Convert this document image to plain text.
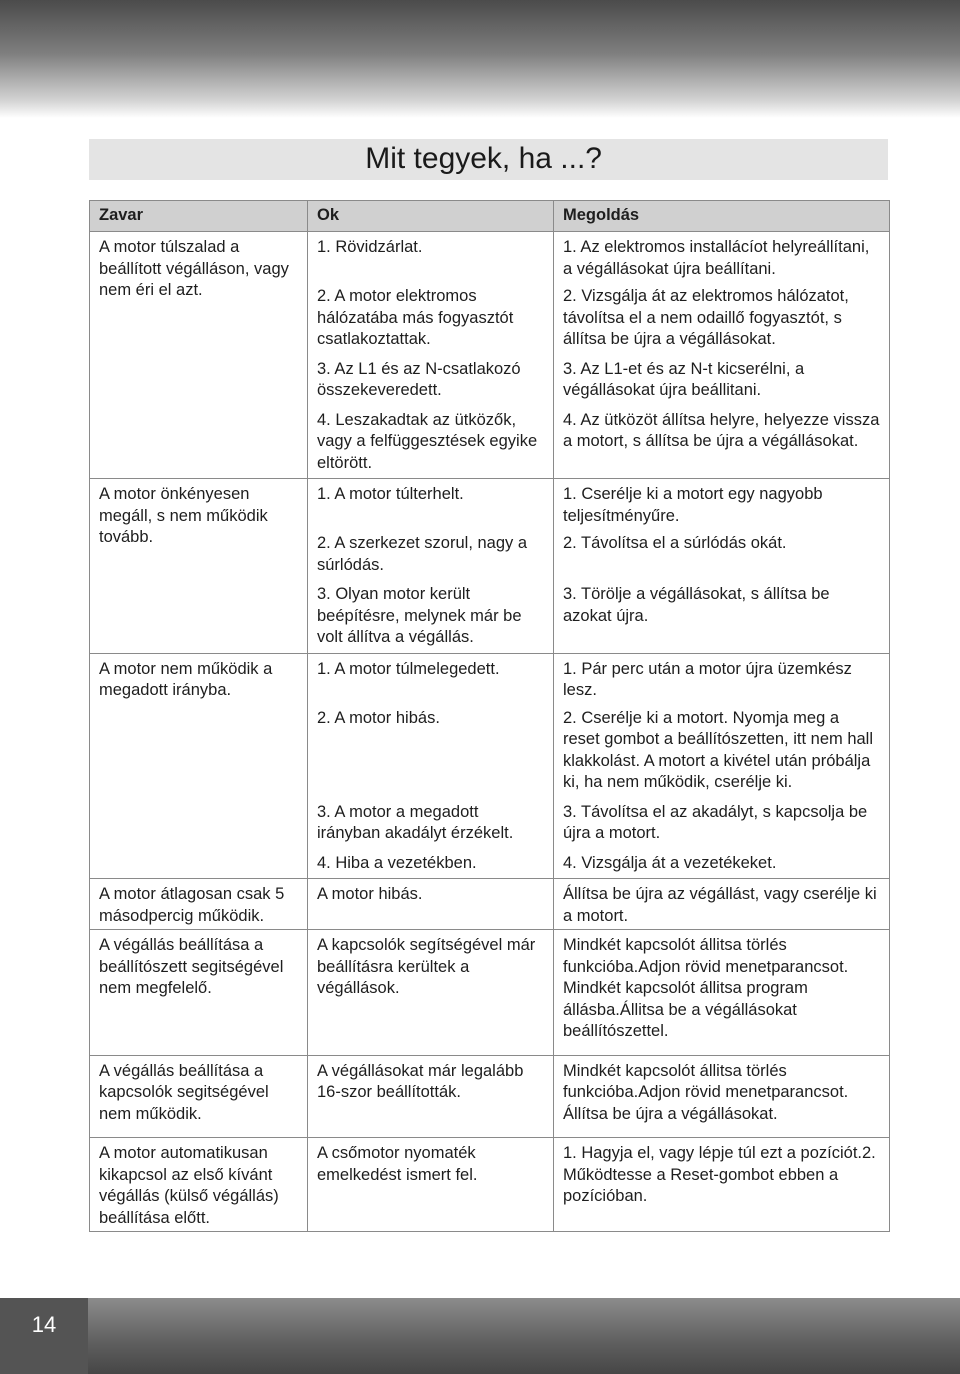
Mit tegyek, ha ...?
Zavar	Ok	Megoldás
A motor túlszalad a beállított végálláson, vagy nem éri el azt.	1. Rövidzárlat.	1. Az elektromos installácíot helyreállítani, a végállásokat újra beállítani.
	2. A motor elektromos hálózatába más fogyasztót csatlakoztattak.	2. Vizsgálja át az elektromos hálózatot, távolítsa el a nem odaillő fogyasztót, s állítsa be újra a végállásokat.
	3. Az L1 és az N-csatlakozó összekeveredett.	3. Az L1-et és az N-t kicserélni, a végállásokat újra beállitani.
	4. Leszakadtak az ütközők, vagy a felfüggesztések egyike eltörött.	4. Az ütközöt állítsa helyre, helyezze vissza a motort, s állítsa be újra a végállásokat.
A motor önkényesen megáll, s nem működik tovább.	1. A motor túlterhelt.	1. Cserélje ki a motort egy nagyobb teljesítményűre.
	2. A szerkezet szorul, nagy a súrlódás.	2. Távolítsa el a súrlódás okát.
	3. Olyan motor került beépítésre, melynek már be volt állítva a végállás.	3. Törölje a végállásokat, s állítsa be azokat újra.
A motor nem működik a megadott irányba.	1. A motor túlmelegedett.	1. Pár perc után a motor újra üzemkész lesz.
	2. A motor hibás.	2. Cserélje ki a motort. Nyomja meg a reset gombot a beállítószetten, itt nem hall klakkolást. A motort a kivétel után próbálja ki, ha nem működik, cserélje ki.
	3. A motor a megadott irányban akadályt érzékelt.	3. Távolítsa el az akadályt, s kapcsolja be újra a motort.
	4. Hiba a vezetékben.	4. Vizsgálja át a vezetékeket.
A motor átlagosan csak 5 másodpercig működik.	A motor hibás.	Állítsa be újra az végállást, vagy cserélje ki a motort.
A végállás beállítása a beállítószett segitségével nem megfelelő.	A kapcsolók segítségével már beállításra kerültek a végállások.	Mindkét kapcsolót állitsa törlés funkcióba.Adjon rövid menetparancsot. Mindkét kapcsolót állitsa program állásba.Állitsa be a végállásokat beállítószettel.
A végállás beállítása a kapcsolók segitségével nem működik.	A végállásokat már legalább 16-szor beállították.	Mindkét kapcsolót állitsa törlés funkcióba.Adjon rövid menetparancsot. Állítsa be újra a végállásokat.
A motor automatikusan kikapcsol az első kívánt végállás (külső végállás) beállítása előtt.	A csőmotor nyomaték emelkedést ismert fel.	1. Hagyja el, vagy lépje túl ezt a pozíciót.2. Működtesse a Reset-gombot ebben a pozícióban.
14
